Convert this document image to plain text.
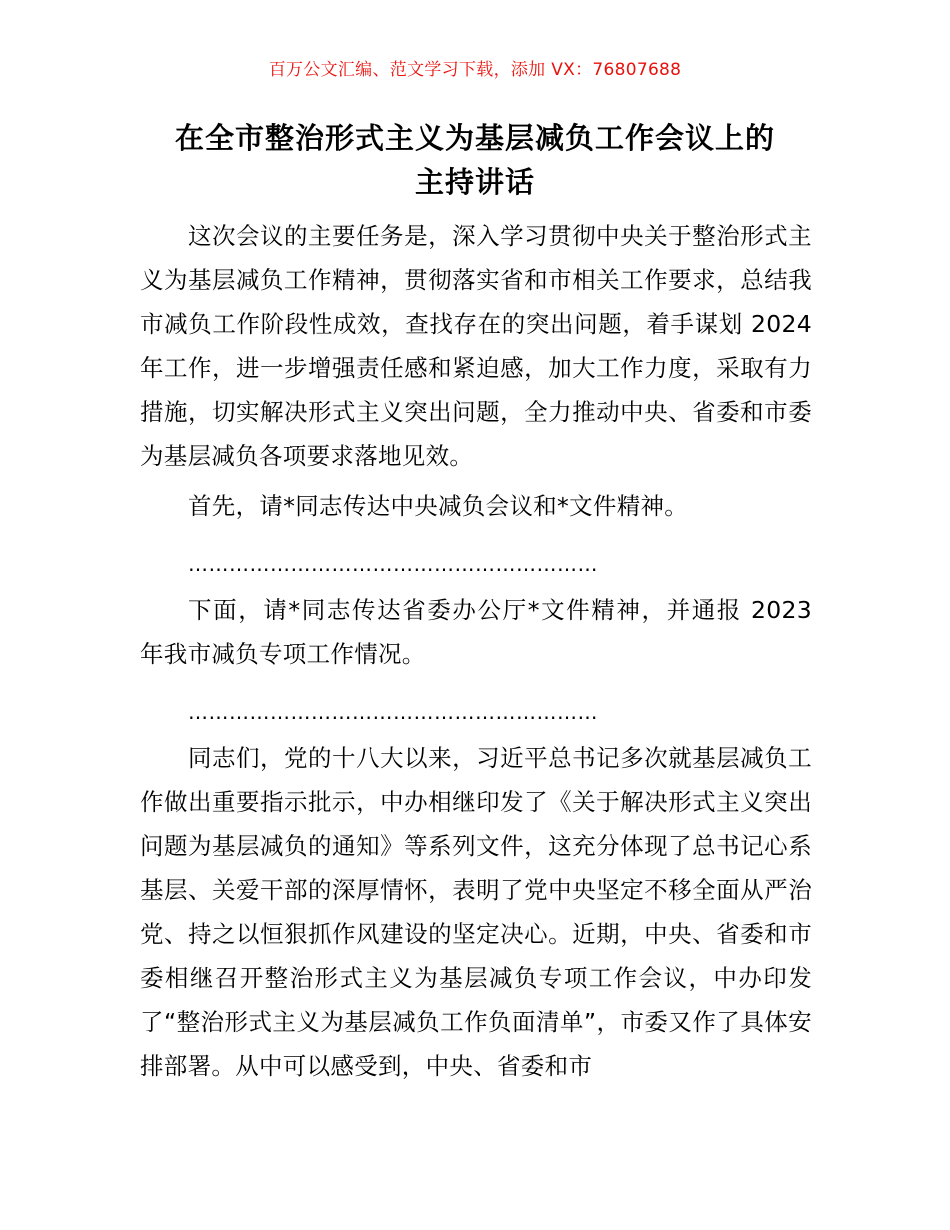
百万公文汇编、范文学习下载，添加 VX：76807688
在全市整治形式主义为基层减负工作会议上的
主持讲话

这次会议的主要任务是，深入学习贯彻中央关于整治形式主义为基层减负工作精神，贯彻落实省和市相关工作要求，总结我市减负工作阶段性成效，查找存在的突出问题，着手谋划 2024 年工作，进一步增强责任感和紧迫感，加大工作力度，采取有力措施，切实解决形式主义突出问题，全力推动中央、省委和市委为基层减负各项要求落地见效。

首先，请*同志传达中央减负会议和*文件精神。

……………………………………………………

下面，请*同志传达省委办公厅*文件精神，并通报 2023 年我市减负专项工作情况。

……………………………………………………

同志们，党的十八大以来，习近平总书记多次就基层减负工作做出重要指示批示，中办相继印发了《关于解决形式主义突出问题为基层减负的通知》等系列文件，这充分体现了总书记心系基层、关爱干部的深厚情怀，表明了党中央坚定不移全面从严治党、持之以恒狠抓作风建设的坚定决心。近期，中央、省委和市委相继召开整治形式主义为基层减负专项工作会议，中办印发了“整治形式主义为基层减负工作负面清单”，市委又作了具体安排部署。从中可以感受到，中央、省委和市
